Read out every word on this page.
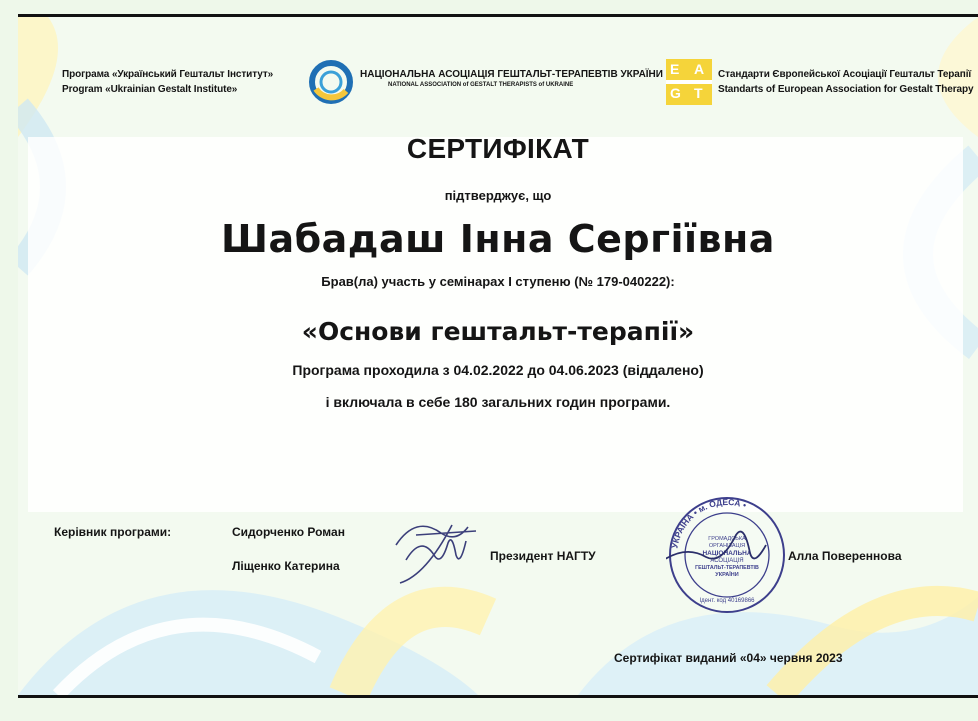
Програма «Український Гештальт Інститут»
Program «Ukrainian Gestalt Institute»
НАЦІОНАЛЬНА АСОЦІАЦІЯ ГЕШТАЛЬТ-ТЕРАПЕВТІВ УКРАЇНИ
NATIONAL ASSOCIATION of GESTALT THERAPISTS of UKRAINE
E A
G T
Стандарти Європейської Асоціації Гештальт Терапії
Standarts of European Association for Gestalt Therapy
СЕРТИФІКАТ
підтверджує, що
Шабадаш Інна Сергіївна
Брав(ла) участь у семінарах I ступеню (№ 179-040222):
«Основи гештальт-терапії»
Програма проходила з 04.02.2022 до 04.06.2023 (віддалено)
і включала в себе 180 загальних годин програми.
Керівник програми:	Сидорченко Роман
Ліщенко Катерина
Президент НАГТУ
УКРАЇНА • м. ОДЕСА •
ГРОМАДСЬКА
ОРГАНІЗАЦІЯ
НАЦІОНАЛЬНА
АСОЦІАЦІЯ
ГЕШТАЛЬТ-ТЕРАПЕВТІВ
УКРАЇНИ
Ідент. код 40169866
Алла Повереннова
Сертифікат виданий «04» червня 2023
